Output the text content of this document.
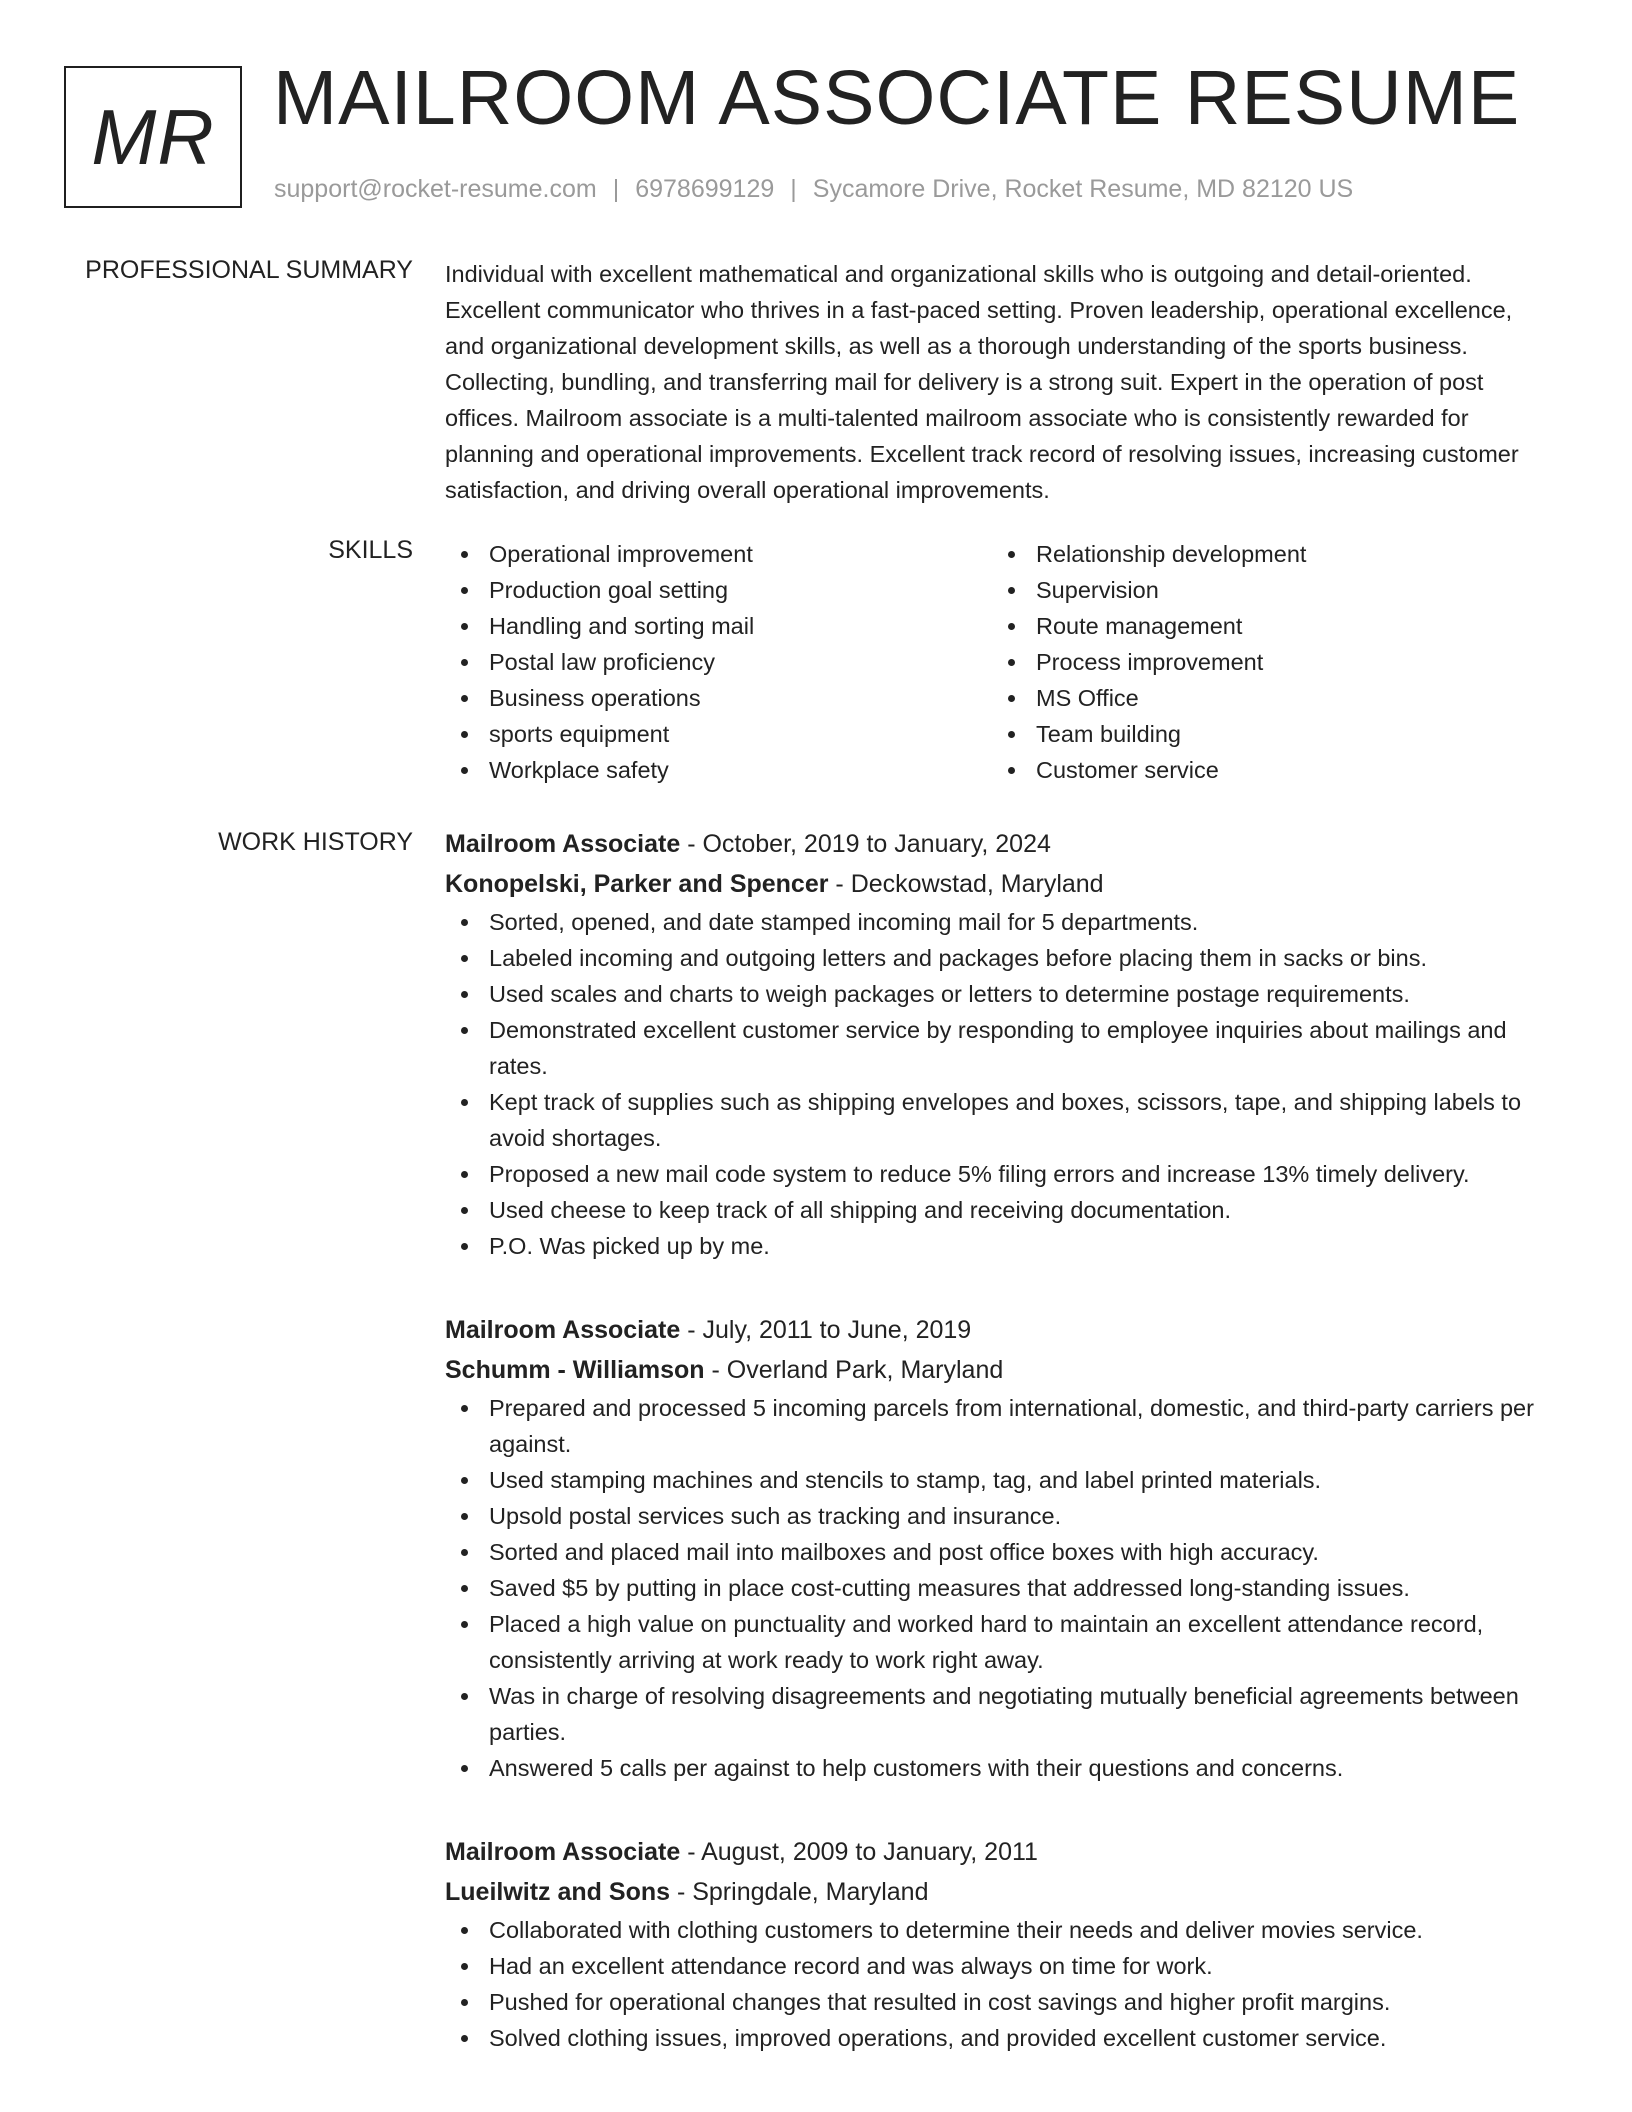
MR MAILROOM ASSOCIATE RESUME
support@rocket-resume.com | 6978699129 | Sycamore Drive, Rocket Resume, MD 82120 US
PROFESSIONAL SUMMARY Individual with excellent mathematical and organizational skills who is outgoing and detail-oriented. Excellent communicator who thrives in a fast-paced setting. Proven leadership, operational excellence, and organizational development skills, as well as a thorough understanding of the sports business. Collecting, bundling, and transferring mail for delivery is a strong suit. Expert in the operation of post offices. Mailroom associate is a multi-talented mailroom associate who is consistently rewarded for planning and operational improvements. Excellent track record of resolving issues, increasing customer satisfaction, and driving overall operational improvements.

SKILLS	Operational improvement
Production goal setting
Handling and sorting mail
Postal law proficiency
Business operations
sports equipment
Workplace safety
Relationship development
Supervision
Route management
Process improvement
MS Office
Team building
Customer service
WORK HISTORY Mailroom Associate - October, 2019 to January, 2024
Konopelski, Parker and Spencer - Deckowstad, Maryland
Sorted, opened, and date stamped incoming mail for 5 departments.
Labeled incoming and outgoing letters and packages before placing them in sacks or bins.
Used scales and charts to weigh packages or letters to determine postage requirements.
Demonstrated excellent customer service by responding to employee inquiries about mailings and rates.
Kept track of supplies such as shipping envelopes and boxes, scissors, tape, and shipping labels to avoid shortages.
Proposed a new mail code system to reduce 5% filing errors and increase 13% timely delivery.
Used cheese to keep track of all shipping and receiving documentation.
P.O. Was picked up by me.
Mailroom Associate - July, 2011 to June, 2019
Schumm - Williamson - Overland Park, Maryland
Prepared and processed 5 incoming parcels from international, domestic, and third-party carriers per against.
Used stamping machines and stencils to stamp, tag, and label printed materials.
Upsold postal services such as tracking and insurance.
Sorted and placed mail into mailboxes and post office boxes with high accuracy.
Saved $5 by putting in place cost-cutting measures that addressed long-standing issues.
Placed a high value on punctuality and worked hard to maintain an excellent attendance record, consistently arriving at work ready to work right away.
Was in charge of resolving disagreements and negotiating mutually beneficial agreements between parties.
Answered 5 calls per against to help customers with their questions and concerns.
Mailroom Associate - August, 2009 to January, 2011
Lueilwitz and Sons - Springdale, Maryland
Collaborated with clothing customers to determine their needs and deliver movies service.
Had an excellent attendance record and was always on time for work.
Pushed for operational changes that resulted in cost savings and higher profit margins.
Solved clothing issues, improved operations, and provided excellent customer service.
